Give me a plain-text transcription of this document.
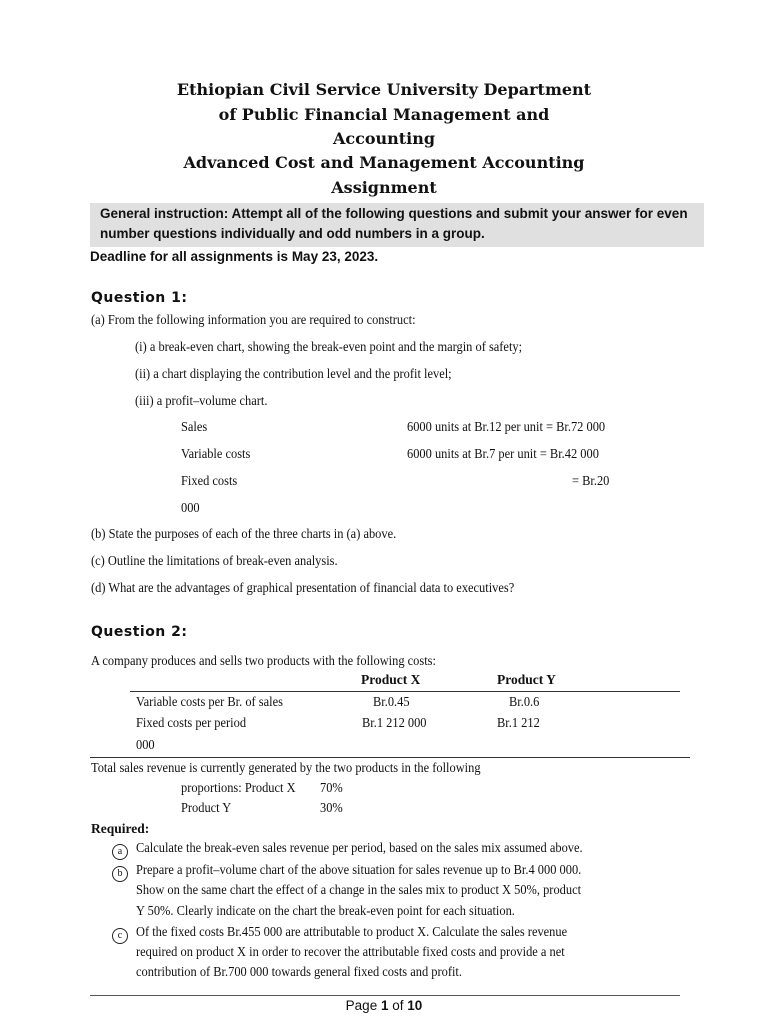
Ethiopian Civil Service University Department
of Public Financial Management and
Accounting
Advanced Cost and Management Accounting
Assignment
General instruction: Attempt all of the following questions and submit your answer for even
number questions individually and odd numbers in a group.
Deadline for all assignments is May 23, 2023.
Question 1:
(a) From the following information you are required to construct:
(i) a break-even chart, showing the break-even point and the margin of safety;
(ii) a chart displaying the contribution level and the profit level;
(iii) a profit–volume chart.
Sales	6000 units at Br.12 per unit = Br.72 000
Variable costs	6000 units at Br.7 per unit = Br.42 000
Fixed costs	= Br.20
000
(b) State the purposes of each of the three charts in (a) above.
(c) Outline the limitations of break-even analysis.
(d) What are the advantages of graphical presentation of financial data to executives?
Question 2:
A company produces and sells two products with the following costs:
Product X	Product Y
Variable costs per Br. of sales	Br.0.45	Br.0.6
Fixed costs per period	Br.1 212 000	Br.1 212
000
Total sales revenue is currently generated by the two products in the following
proportions: Product X 70%
Product Y	30%
Required:
a	Calculate the break-even sales revenue per period, based on the sales mix assumed above.
b	Prepare a profit–volume chart of the above situation for sales revenue up to Br.4 000 000.
Show on the same chart the effect of a change in the sales mix to product X 50%, product
Y 50%. Clearly indicate on the chart the break-even point for each situation.
c	Of the fixed costs Br.455 000 are attributable to product X. Calculate the sales revenue
required on product X in order to recover the attributable fixed costs and provide a net
contribution of Br.700 000 towards general fixed costs and profit.
Page 1 of 10
